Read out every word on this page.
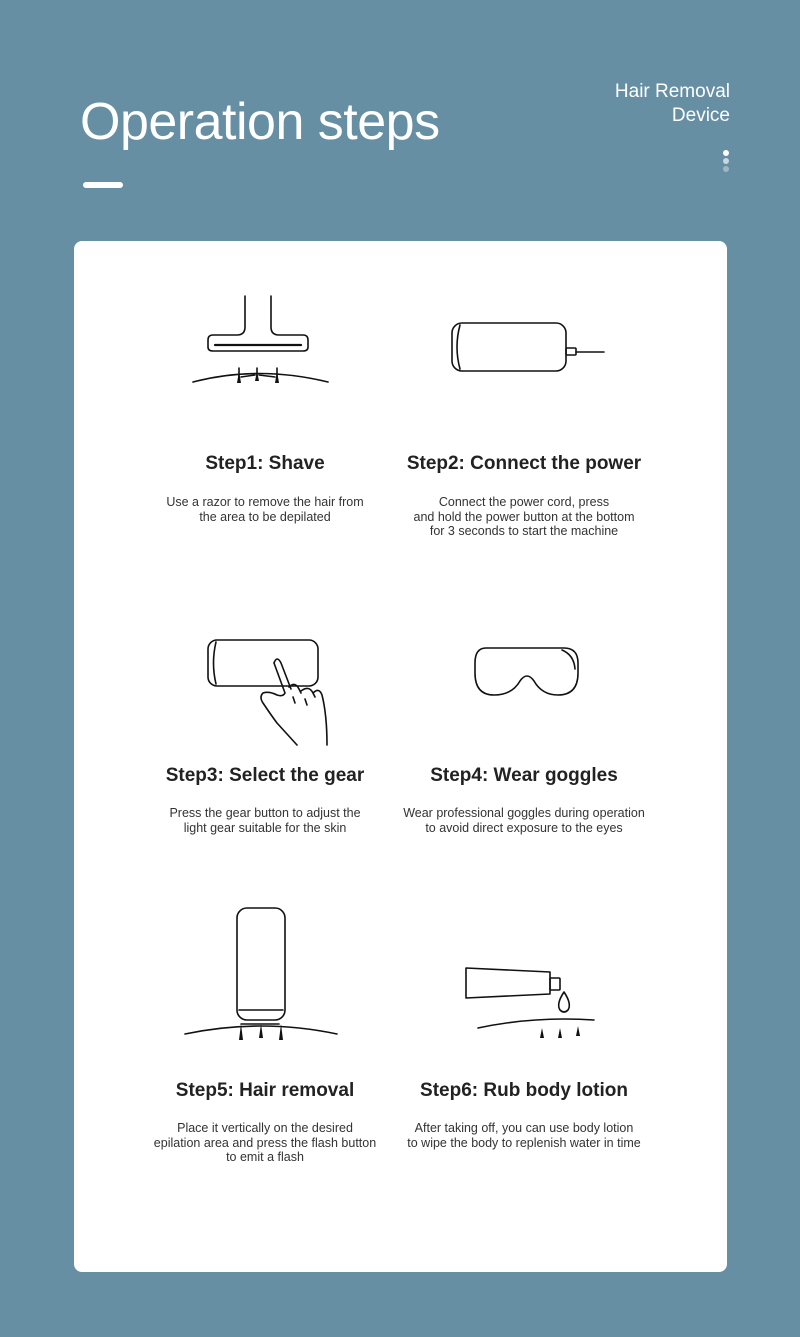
Operation steps
Hair Removal
Device
Step1: Shave

Use a razor to remove the hair from
the area to be depilated

Step2: Connect the power

Connect the power cord, press
and hold the power button at the bottom
for 3 seconds to start the machine

Step3: Select the gear

Press the gear button to adjust the
light gear suitable for the skin

Step4: Wear goggles

Wear professional goggles during operation
to avoid direct exposure to the eyes

Step5: Hair removal

Place it vertically on the desired
epilation area and press the flash button
to emit a flash

Step6: Rub body lotion

After taking off, you can use body lotion
to wipe the body to replenish water in time
